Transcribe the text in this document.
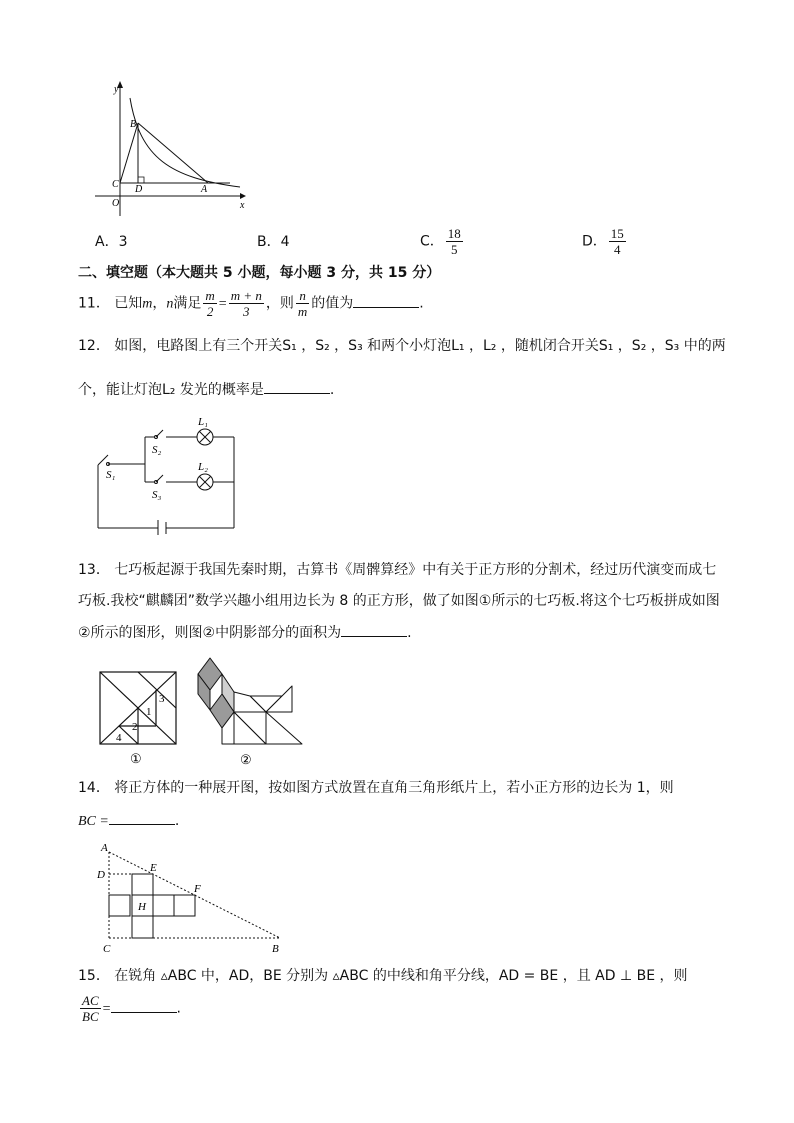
y
x
B
C D	A
O
A．3	B．4	C． $\frac{18}{5}$	D． $\frac{15}{4}$
二、填空题（本大题共 5 小题，每小题 3 分，共 15 分）
11． 已知m，n满足 $\frac{m}{2} = \frac{m + n}{3}$ ，则 $\frac{n}{m}$ 的值为	.
12． 如图，电路图上有三个开关S₁ ，S₂ ，S₃ 和两个小灯泡L₁ ，L₂ ，随机闭合开关S₁ ，S₂ ，S₃ 中的两
个，能让灯泡L₂ 发光的概率是	.
L₁
L₂
S₂
S₃
S₁
13． 七巧板起源于我国先秦时期，古算书《周髀算经》中有关于正方形的分割术，经过历代演变而成七
巧板.我校“麒麟团”数学兴趣小组用边长为 8 的正方形，做了如图①所示的七巧板.将这个七巧板拼成如图
②所示的图形，则图②中阴影部分的面积为	.
3
1
2
4
①	②
14． 将正方体的一种展开图，按如图方式放置在直角三角形纸片上，若小正方形的边长为 1，则
BC =	.
A
D
E
F
H
C	B
15． 在锐角 ▵ABC 中，AD，BE 分别为 ▵ABC 的中线和角平分线，AD = BE ，且 AD ⊥ BE ，则
$\frac{AC}{BC}$ =	.
